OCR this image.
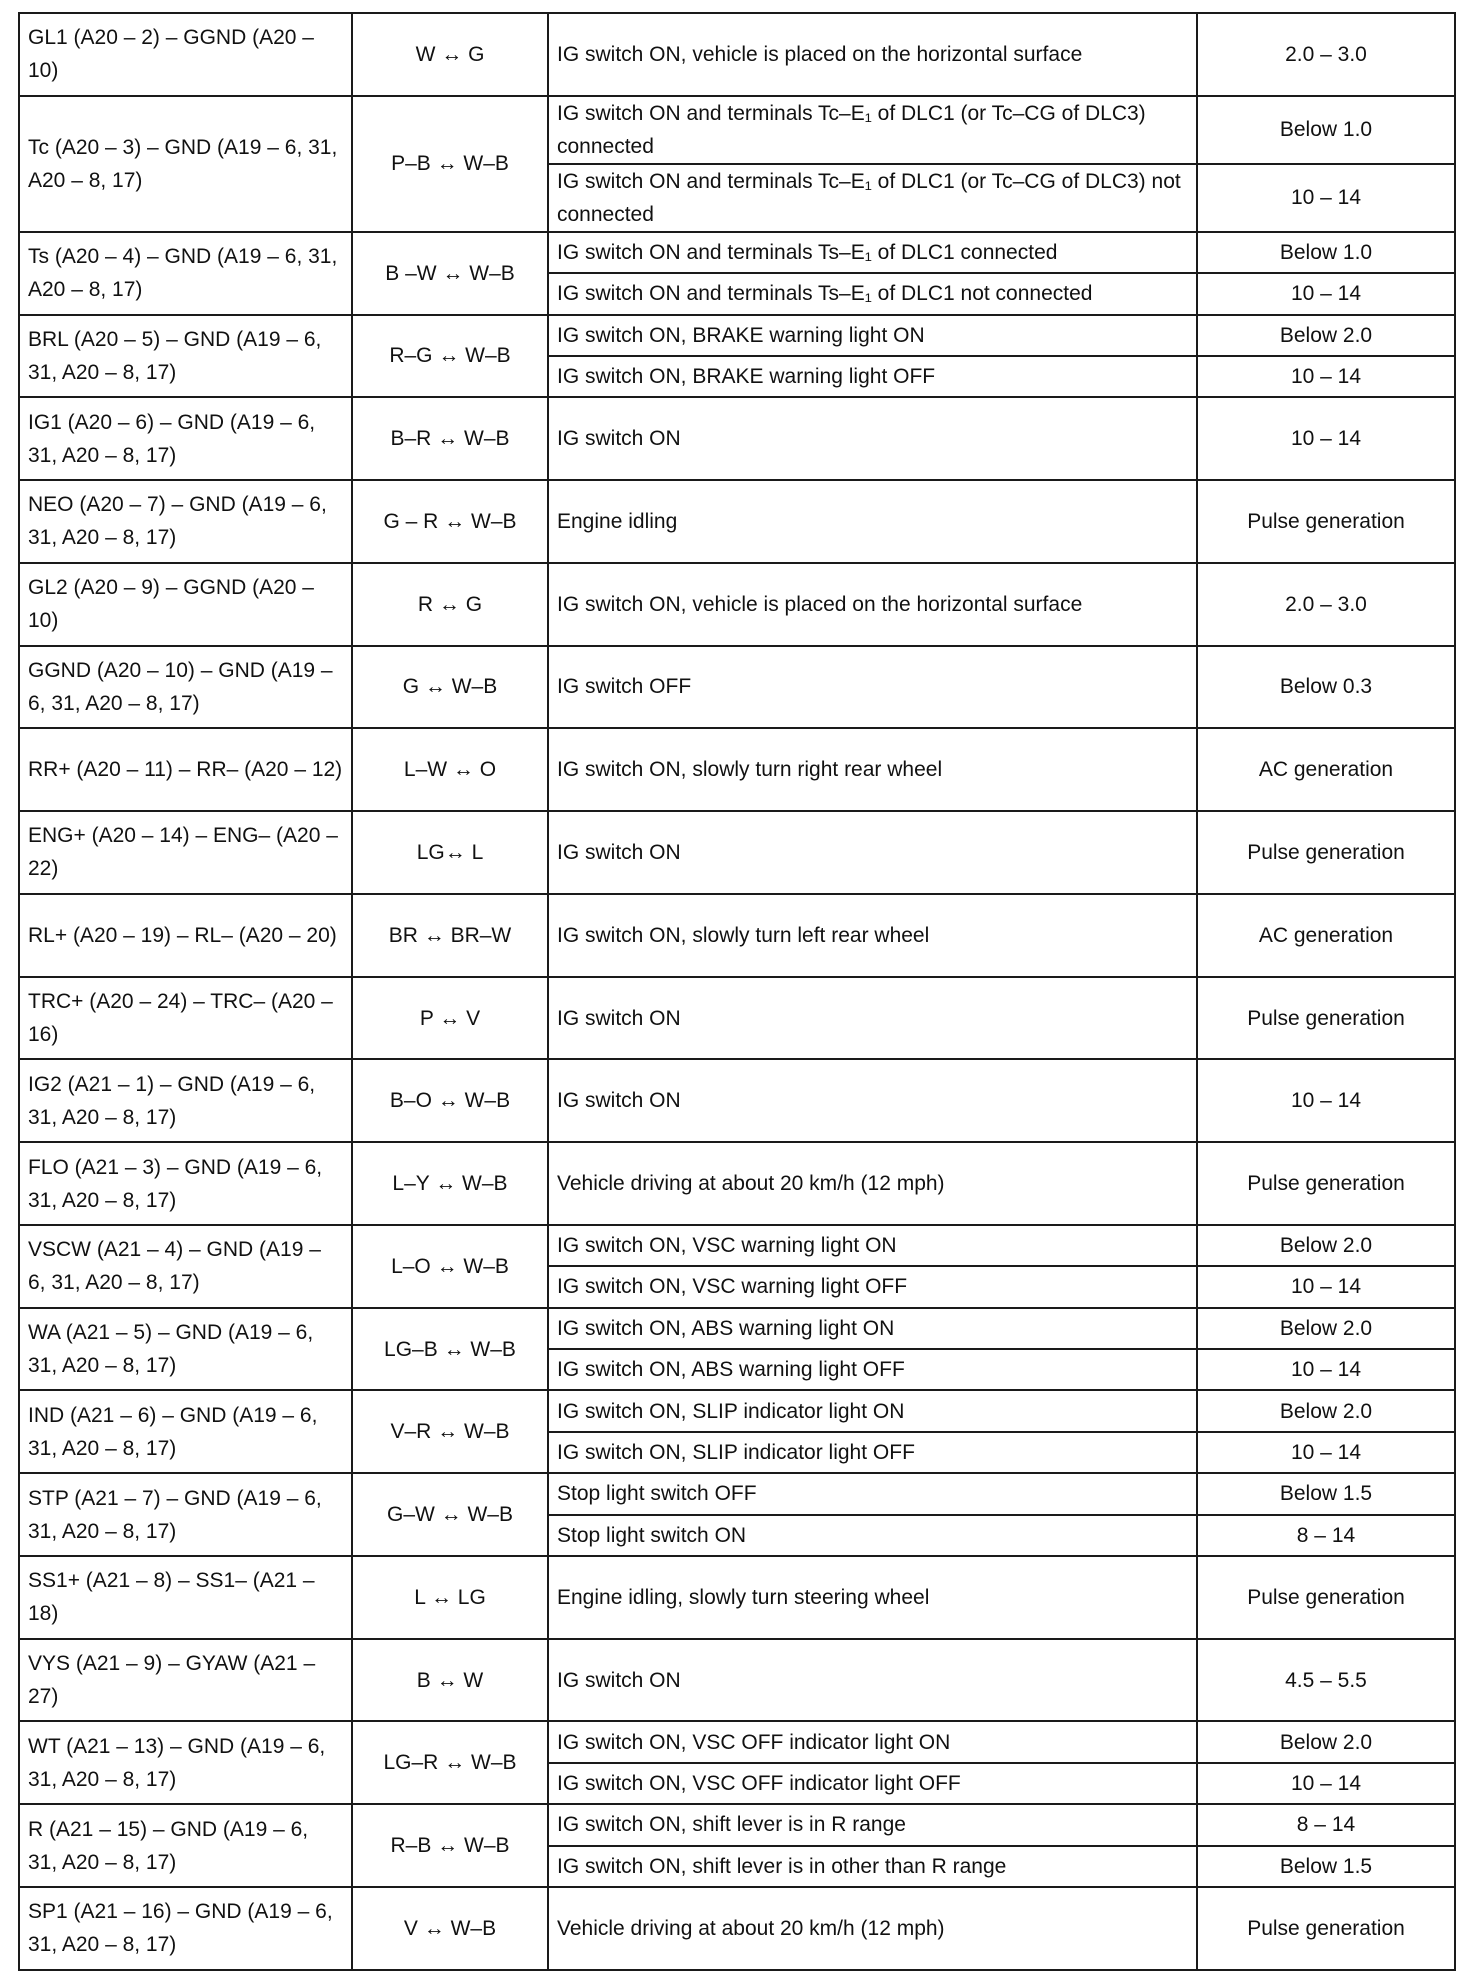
GL1 (A20 – 2) – GGND (A20 – 10)	W ↔ G	IG switch ON, vehicle is placed on the horizontal surface	2.0 – 3.0
Tc (A20 – 3) – GND (A19 – 6, 31, A20 – 8, 17)	P–B ↔ W–B	IG switch ON and terminals Tc–E₁ of DLC1 (or Tc–CG of DLC3) connected	Below 1.0
		IG switch ON and terminals Tc–E₁ of DLC1 (or Tc–CG of DLC3) not connected	10 – 14
Ts (A20 – 4) – GND (A19 – 6, 31, A20 – 8, 17)	B –W ↔ W–B	IG switch ON and terminals Ts–E₁ of DLC1 connected	Below 1.0
		IG switch ON and terminals Ts–E₁ of DLC1 not connected	10 – 14
BRL (A20 – 5) – GND (A19 – 6, 31, A20 – 8, 17)	R–G ↔ W–B	IG switch ON, BRAKE warning light ON	Below 2.0
		IG switch ON, BRAKE warning light OFF	10 – 14
IG1 (A20 – 6) – GND (A19 – 6, 31, A20 – 8, 17)	B–R ↔ W–B	IG switch ON	10 – 14
NEO (A20 – 7) – GND (A19 – 6, 31, A20 – 8, 17)	G – R ↔ W–B	Engine idling	Pulse generation
GL2 (A20 – 9) – GGND (A20 – 10)	R ↔ G	IG switch ON, vehicle is placed on the horizontal surface	2.0 – 3.0
GGND (A20 – 10) – GND (A19 – 6, 31, A20 – 8, 17)	G ↔ W–B	IG switch OFF	Below 0.3
RR+ (A20 – 11) – RR– (A20 – 12)	L–W ↔ O	IG switch ON, slowly turn right rear wheel	AC generation
ENG+ (A20 – 14) – ENG– (A20 – 22)	LG↔ L	IG switch ON	Pulse generation
RL+ (A20 – 19) – RL– (A20 – 20)	BR ↔ BR–W	IG switch ON, slowly turn left rear wheel	AC generation
TRC+ (A20 – 24) – TRC– (A20 – 16)	P ↔ V	IG switch ON	Pulse generation
IG2 (A21 – 1) – GND (A19 – 6, 31, A20 – 8, 17)	B–O ↔ W–B	IG switch ON	10 – 14
FLO (A21 – 3) – GND (A19 – 6, 31, A20 – 8, 17)	L–Y ↔ W–B	Vehicle driving at about 20 km/h (12 mph)	Pulse generation
VSCW (A21 – 4) – GND (A19 – 6, 31, A20 – 8, 17)	L–O ↔ W–B	IG switch ON, VSC warning light ON	Below 2.0
		IG switch ON, VSC warning light OFF	10 – 14
WA (A21 – 5) – GND (A19 – 6, 31, A20 – 8, 17)	LG–B ↔ W–B	IG switch ON, ABS warning light ON	Below 2.0
		IG switch ON, ABS warning light OFF	10 – 14
IND (A21 – 6) – GND (A19 – 6, 31, A20 – 8, 17)	V–R ↔ W–B	IG switch ON, SLIP indicator light ON	Below 2.0
		IG switch ON, SLIP indicator light OFF	10 – 14
STP (A21 – 7) – GND (A19 – 6, 31, A20 – 8, 17)	G–W ↔ W–B	Stop light switch OFF	Below 1.5
		Stop light switch ON	8 – 14
SS1+ (A21 – 8) – SS1– (A21 – 18)	L ↔ LG	Engine idling, slowly turn steering wheel	Pulse generation
VYS (A21 – 9) – GYAW (A21 – 27)	B ↔ W	IG switch ON	4.5 – 5.5
WT (A21 – 13) – GND (A19 – 6, 31, A20 – 8, 17)	LG–R ↔ W–B	IG switch ON, VSC OFF indicator light ON	Below 2.0
		IG switch ON, VSC OFF indicator light OFF	10 – 14
R (A21 – 15) – GND (A19 – 6, 31, A20 – 8, 17)	R–B ↔ W–B	IG switch ON, shift lever is in R range	8 – 14
		IG switch ON, shift lever is in other than R range	Below 1.5
SP1 (A21 – 16) – GND (A19 – 6, 31, A20 – 8, 17)	V ↔ W–B	Vehicle driving at about 20 km/h (12 mph)	Pulse generation
